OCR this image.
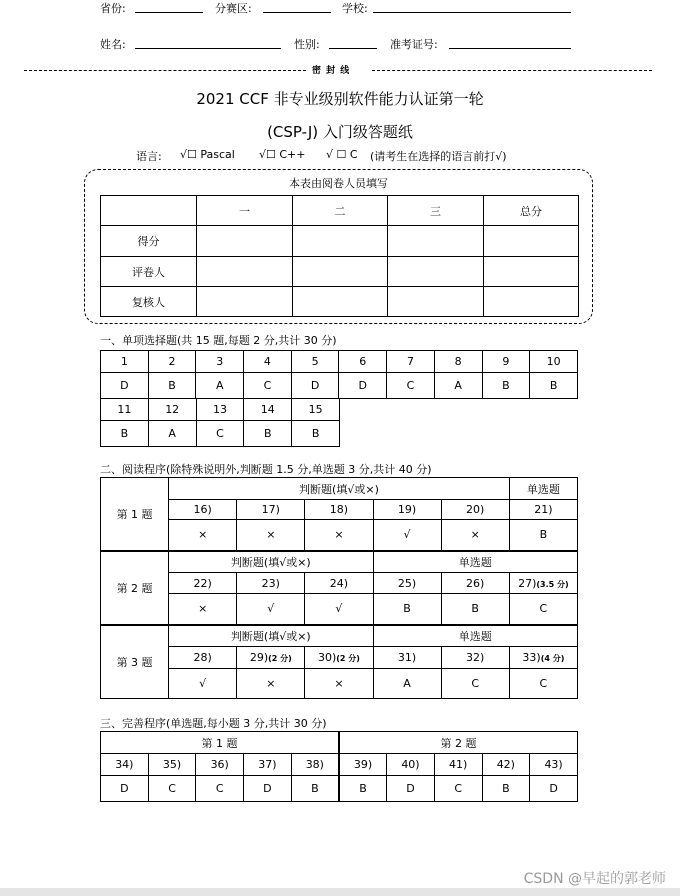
省份:	分赛区:	学校:
姓名:	性别:	准考证号:
密 封 线
2021 CCF 非专业级别软件能力认证第一轮
(CSP-J) 入门级答题纸
语言: √☐ Pascal √☐ C++ √ ☐ C (请考生在选择的语言前打√)
本表由阅卷人员填写
	一	二	三	总分
得分				
评卷人				
复核人				
一、单项选择题(共 15 题,每题 2 分,共计 30 分)
1	2	3	4	5	6	7	8	9	10
D	B	A	C	D	D	C	A	B	B
11	12	13	14	15
B	A	C	B	B
二、阅读程序(除特殊说明外,判断题 1.5 分,单选题 3 分,共计 40 分)
第 1 题	判断题(填√或×)					单选题
	16)	17)	18)	19)	20)	21)
	×	×	×	√	×	B
第 2 题	判断题(填√或×)			单选题		
	22)	23)	24)	25)	26)	27)(3.5 分)
	×	√	√	B	B	C
第 3 题	判断题(填√或×)			单选题		
	28)	29)(2 分)	30)(2 分)	31)	32)	33)(4 分)
	√	×	×	A	C	C
三、完善程序(单选题,每小题 3 分,共计 30 分)
第 1 题					第 2 题				
34)	35)	36)	37)	38)	39)	40)	41)	42)	43)
D	C	C	D	B	B	D	C	B	D
CSDN @早起的郭老师
